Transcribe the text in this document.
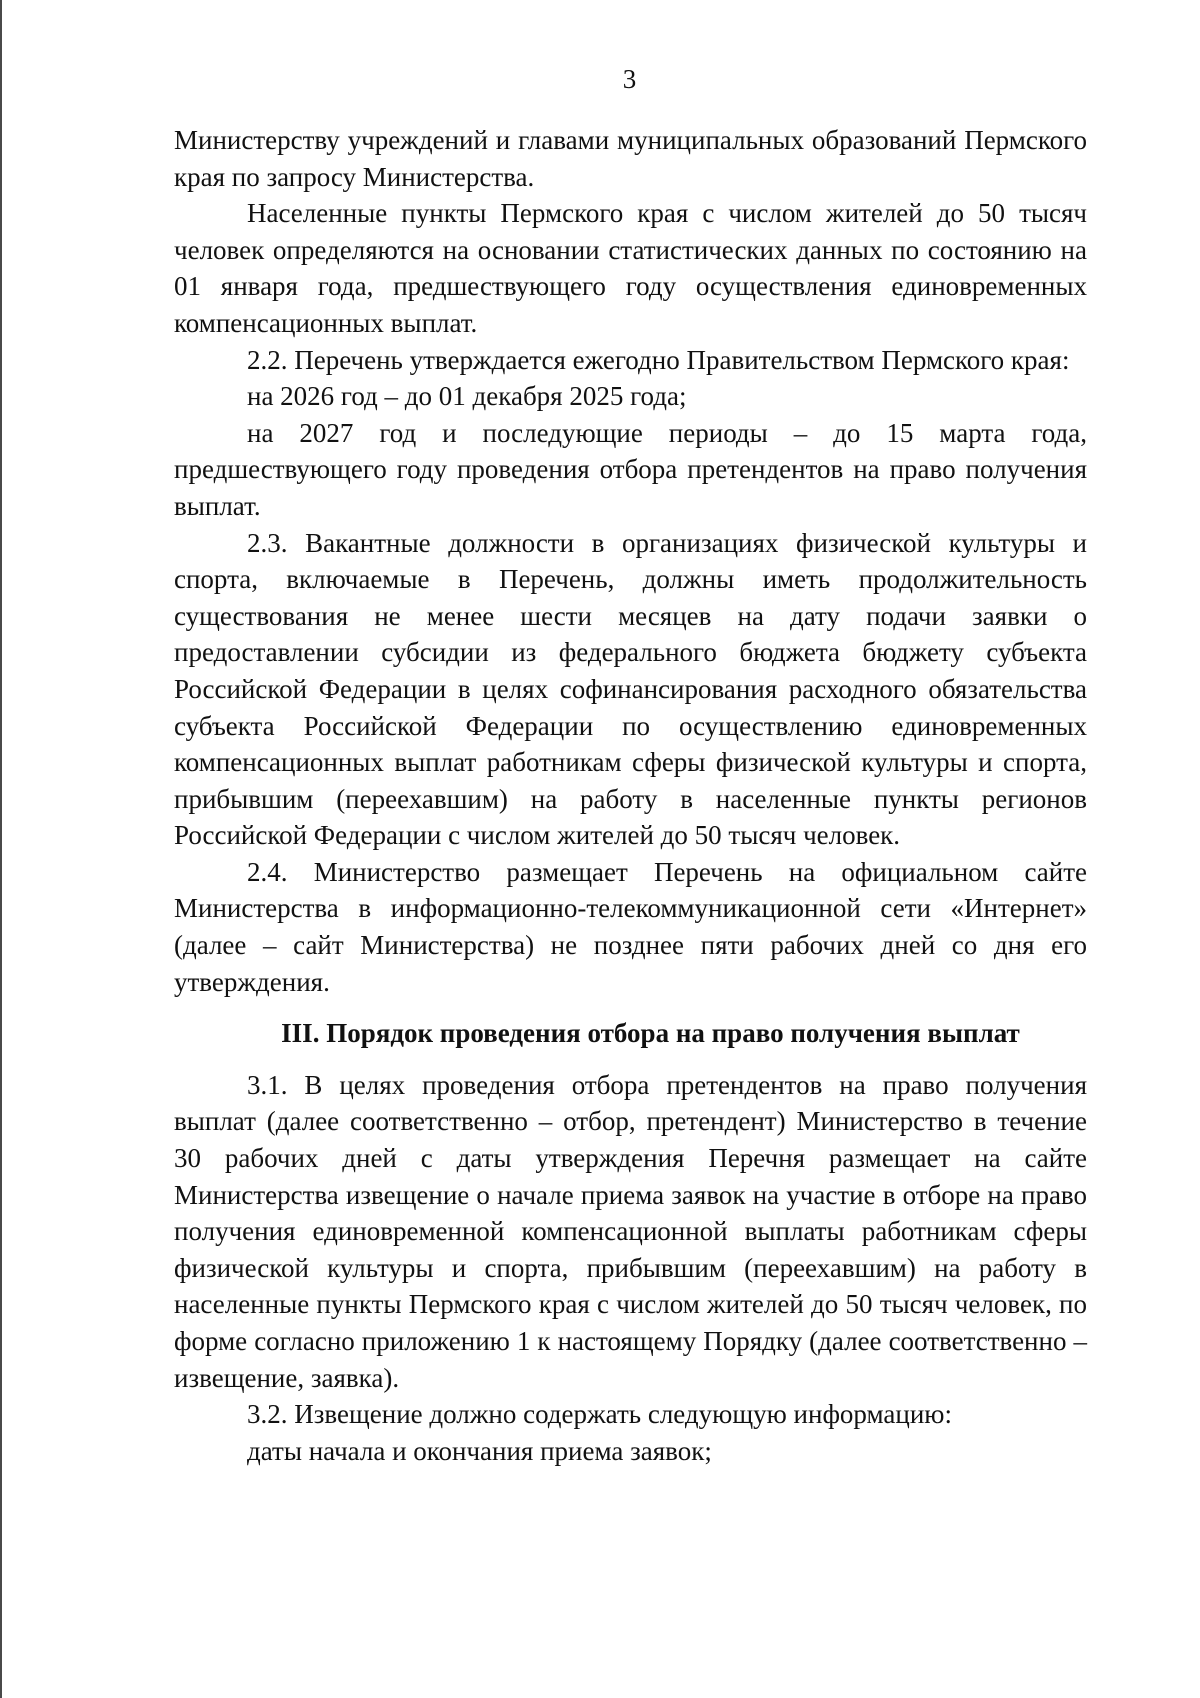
3
Министерству учреждений и главами муниципальных образований Пермского края по запросу Министерства.
Населенные пункты Пермского края с числом жителей до 50 тысяч человек определяются на основании статистических данных по состоянию на 01 января года, предшествующего году осуществления единовременных компенсационных выплат.
2.2. Перечень утверждается ежегодно Правительством Пермского края:
на 2026 год – до 01 декабря 2025 года;
на 2027 год и последующие периоды – до 15 марта года, предшествующего году проведения отбора претендентов на право получения выплат.
2.3. Вакантные должности в организациях физической культуры и спорта, включаемые в Перечень, должны иметь продолжительность существования не менее шести месяцев на дату подачи заявки о предоставлении субсидии из федерального бюджета бюджету субъекта Российской Федерации в целях софинансирования расходного обязательства субъекта Российской Федерации по осуществлению единовременных компенсационных выплат работникам сферы физической культуры и спорта, прибывшим (переехавшим) на работу в населенные пункты регионов Российской Федерации с числом жителей до 50 тысяч человек.
2.4. Министерство размещает Перечень на официальном сайте Министерства в информационно-телекоммуникационной сети «Интернет» (далее – сайт Министерства) не позднее пяти рабочих дней со дня его утверждения.
III. Порядок проведения отбора на право получения выплат
3.1. В целях проведения отбора претендентов на право получения выплат (далее соответственно – отбор, претендент) Министерство в течение 30 рабочих дней с даты утверждения Перечня размещает на сайте Министерства извещение о начале приема заявок на участие в отборе на право получения единовременной компенсационной выплаты работникам сферы физической культуры и спорта, прибывшим (переехавшим) на работу в населенные пункты Пермского края с числом жителей до 50 тысяч человек, по форме согласно приложению 1 к настоящему Порядку (далее соответственно – извещение, заявка).
3.2. Извещение должно содержать следующую информацию:
даты начала и окончания приема заявок;
